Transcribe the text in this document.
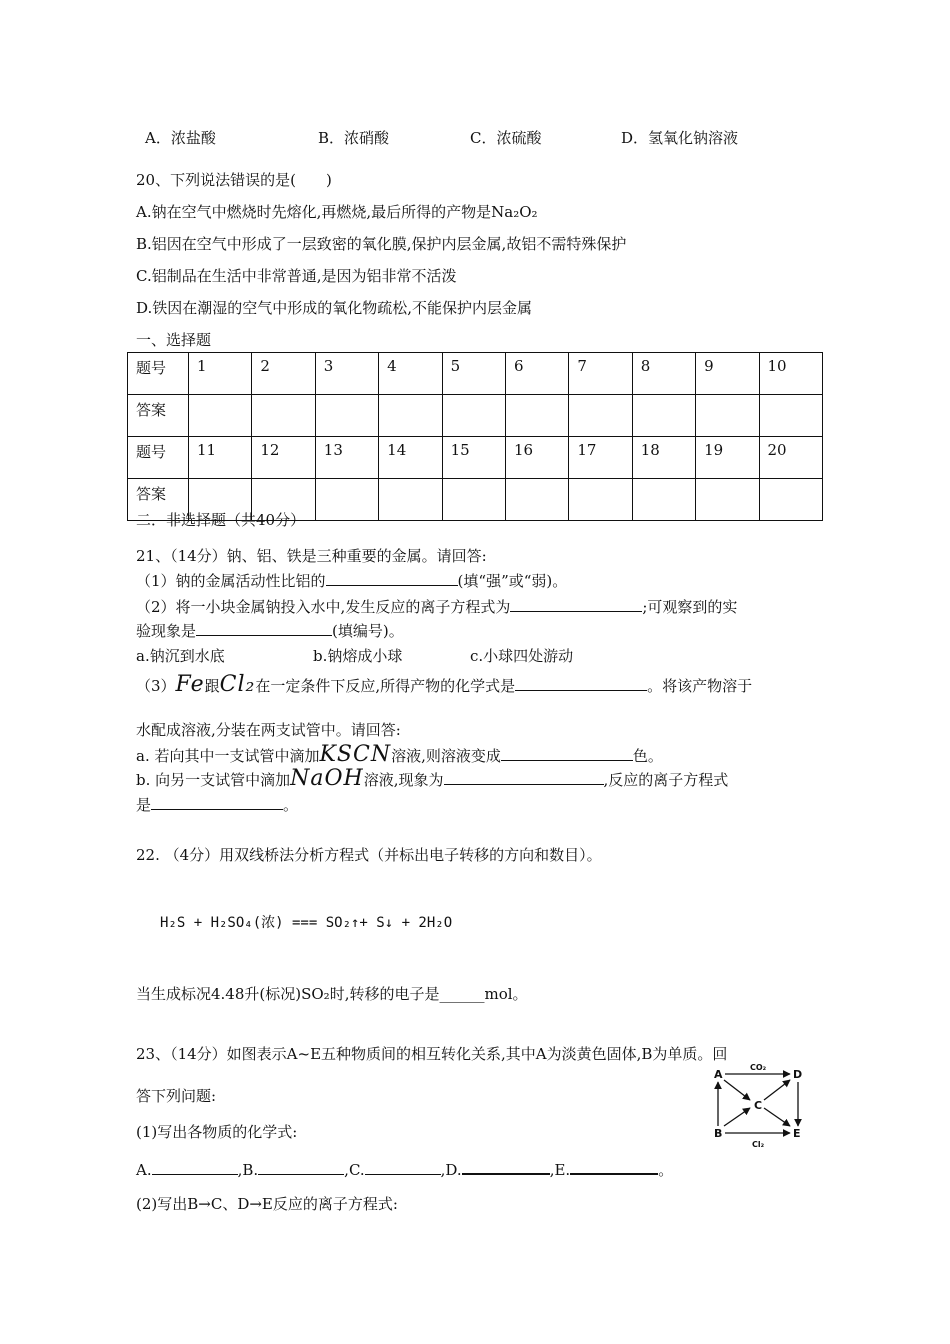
A．浓盐酸	B．浓硝酸	C．浓硫酸	D．氢氧化钠溶液
20、下列说法错误的是(　　)
A.钠在空气中燃烧时先熔化,再燃烧,最后所得的产物是Na₂O₂
B.铝因在空气中形成了一层致密的氧化膜,保护内层金属,故铝不需特殊保护
C.铝制品在生活中非常普通,是因为铝非常不活泼
D.铁因在潮湿的空气中形成的氧化物疏松,不能保护内层金属
一、选择题
题号	1	2	3	4	5	6	7	8	9	10
答案										
题号	11	12	13	14	15	16	17	18	19	20
答案										
二．非选择题（共40分）
21、（14分）钠、铝、铁是三种重要的金属。请回答:
（1）钠的金属活动性比铝的	(填“强”或“弱)。
（2）将一小块金属钠投入水中,发生反应的离子方程式为	;可观察到的实
验现象是	(填编号)。
a.钠沉到水底	b.钠熔成小球	c.小球四处游动
（3）Fe跟Cl₂在一定条件下反应,所得产物的化学式是	。将该产物溶于
水配成溶液,分装在两支试管中。请回答:
a. 若向其中一支试管中滴加KSCN溶液,则溶液变成	色。
b. 向另一支试管中滴加NaOH溶液,现象为	,反应的离子方程式
是	。
22. （4分）用双线桥法分析方程式（并标出电子转移的方向和数目）。
H₂S + H₂SO₄(浓) === SO₂↑+ S↓ + 2H₂O
当生成标况4.48升(标况)SO₂时,转移的电子是______mol。
23、（14分）如图表示A~E五种物质间的相互转化关系,其中A为淡黄色固体,B为单质。回
答下列问题:
(1)写出各物质的化学式:
A.	,B.	,C.	,D.	,E.	。
(2)写出B→C、D→E反应的离子方程式:
A	D
C
B	E
CO₂
Cl₂
